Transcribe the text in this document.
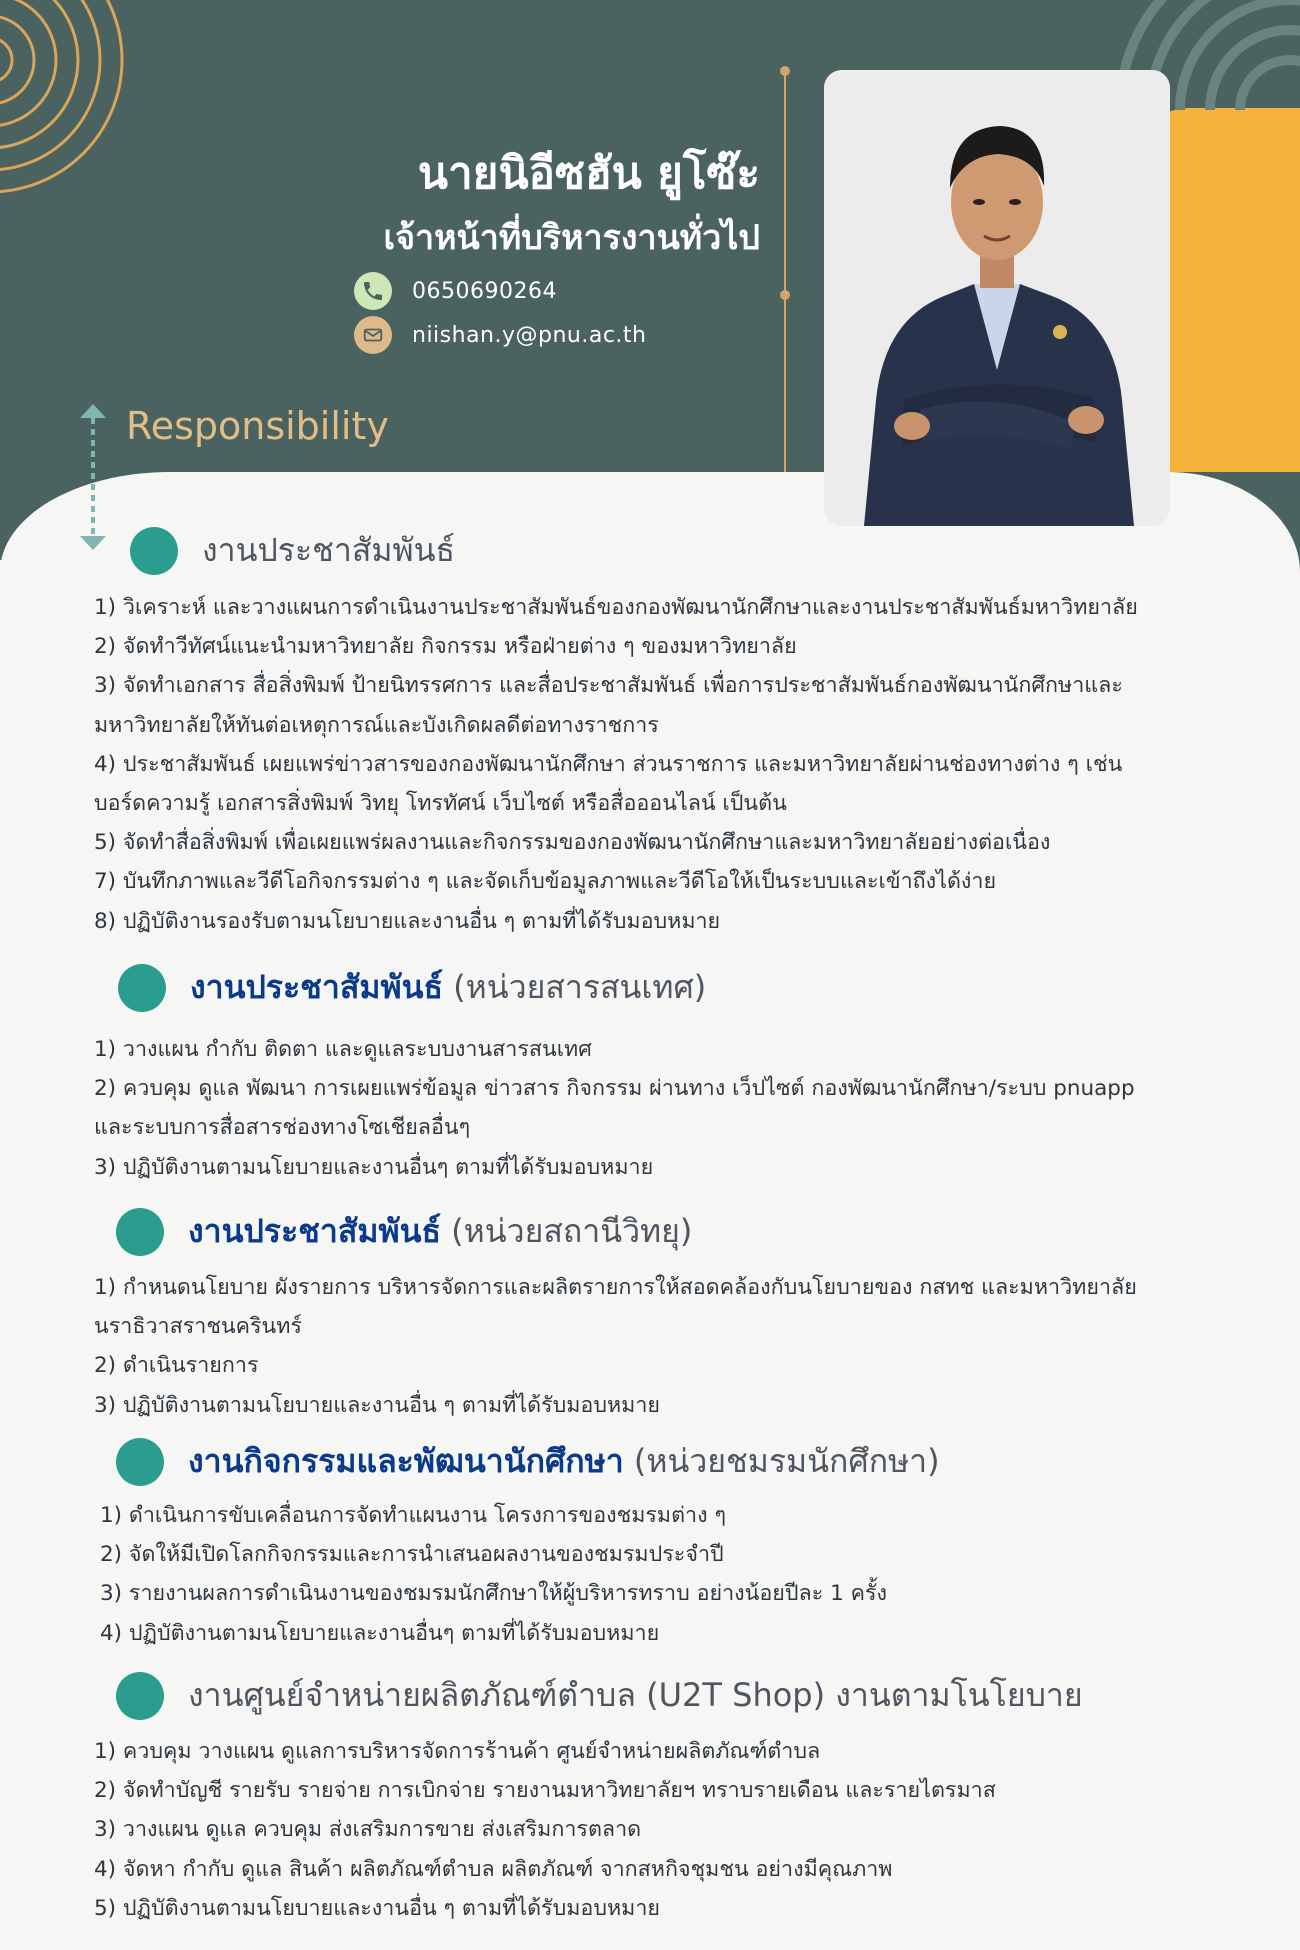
นายนิอีซฮัน ยูโซ๊ะ
เจ้าหน้าที่บริหารงานทั่วไป
0650690264
niishan.y@pnu.ac.th
Responsibility
งานประชาสัมพันธ์
1) วิเคราะห์ และวางแผนการดำเนินงานประชาสัมพันธ์ของกองพัฒนานักศึกษาและงานประชาสัมพันธ์มหาวิทยาลัย
2) จัดทำวีทัศน์แนะนำมหาวิทยาลัย กิจกรรม หรือฝ่ายต่าง ๆ ของมหาวิทยาลัย
3) จัดทำเอกสาร สื่อสิ่งพิมพ์ ป้ายนิทรรศการ และสื่อประชาสัมพันธ์ เพื่อการประชาสัมพันธ์กองพัฒนานักศึกษาและ
มหาวิทยาลัยให้ทันต่อเหตุการณ์และบังเกิดผลดีต่อทางราชการ
4) ประชาสัมพันธ์ เผยแพร่ข่าวสารของกองพัฒนานักศึกษา ส่วนราชการ และมหาวิทยาลัยผ่านช่องทางต่าง ๆ เช่น
บอร์ดความรู้ เอกสารสิ่งพิมพ์ วิทยุ โทรทัศน์ เว็บไซต์ หรือสื่อออนไลน์ เป็นต้น
5) จัดทำสื่อสิ่งพิมพ์ เพื่อเผยแพร่ผลงานและกิจกรรมของกองพัฒนานักศึกษาและมหาวิทยาลัยอย่างต่อเนื่อง
7) บันทึกภาพและวีดีโอกิจกรรมต่าง ๆ และจัดเก็บข้อมูลภาพและวีดีโอให้เป็นระบบและเข้าถึงได้ง่าย
8) ปฏิบัติงานรองรับตามนโยบายและงานอื่น ๆ ตามที่ได้รับมอบหมาย
งานประชาสัมพันธ์ (หน่วยสารสนเทศ)
1) วางแผน กำกับ ติดตา และดูแลระบบงานสารสนเทศ
2) ควบคุม ดูแล พัฒนา การเผยแพร่ข้อมูล ข่าวสาร กิจกรรม ผ่านทาง เว็ปไซต์ กองพัฒนานักศึกษา/ระบบ pnuapp
และระบบการสื่อสารช่องทางโซเชียลอื่นๆ
3) ปฏิบัติงานตามนโยบายและงานอื่นๆ ตามที่ได้รับมอบหมาย
งานประชาสัมพันธ์ (หน่วยสถานีวิทยุ)
1) กำหนดนโยบาย ผังรายการ บริหารจัดการและผลิตรายการให้สอดคล้องกับนโยบายของ กสทช และมหาวิทยาลัย
นราธิวาสราชนครินทร์
2) ดำเนินรายการ
3) ปฏิบัติงานตามนโยบายและงานอื่น ๆ ตามที่ได้รับมอบหมาย
งานกิจกรรมและพัฒนานักศึกษา (หน่วยชมรมนักศึกษา)
1) ดำเนินการขับเคลื่อนการจัดทำแผนงาน โครงการของชมรมต่าง ๆ
2) จัดให้มีเปิดโลกกิจกรรมและการนำเสนอผลงานของชมรมประจำปี
3) รายงานผลการดำเนินงานของชมรมนักศึกษาให้ผู้บริหารทราบ อย่างน้อยปีละ 1 ครั้ง
4) ปฏิบัติงานตามนโยบายและงานอื่นๆ ตามที่ได้รับมอบหมาย
งานศูนย์จำหน่ายผลิตภัณฑ์ตำบล (U2T Shop) งานตามโนโยบาย
1) ควบคุม วางแผน ดูแลการบริหารจัดการร้านค้า ศูนย์จำหน่ายผลิตภัณฑ์ตำบล
2) จัดทำบัญชี รายรับ รายจ่าย การเบิกจ่าย รายงานมหาวิทยาลัยฯ ทราบรายเดือน และรายไตรมาส
3) วางแผน ดูแล ควบคุม ส่งเสริมการขาย ส่งเสริมการตลาด
4) จัดหา กำกับ ดูแล สินค้า ผลิตภัณฑ์ตำบล ผลิตภัณฑ์ จากสหกิจชุมชน อย่างมีคุณภาพ
5) ปฏิบัติงานตามนโยบายและงานอื่น ๆ ตามที่ได้รับมอบหมาย
